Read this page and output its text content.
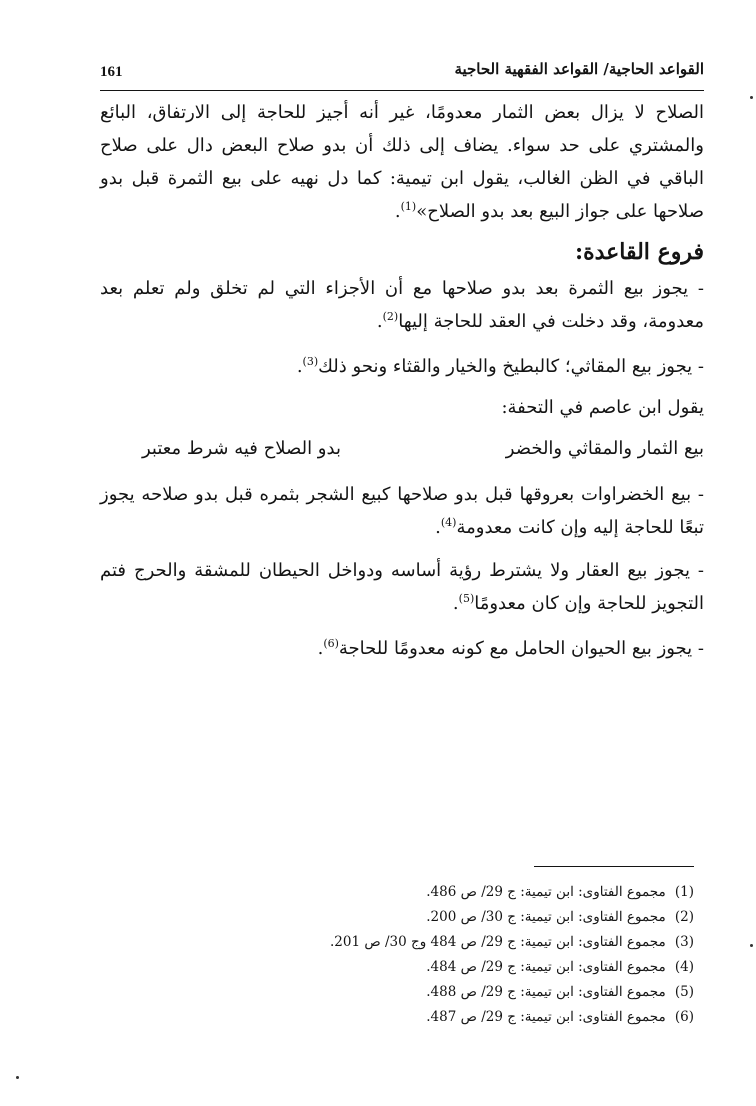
161	القواعد الحاجية/ القواعد الفقهية الحاجية

الصلاح لا يزال بعض الثمار معدومًا، غير أنه أجيز للحاجة إلى الارتفاق، البائع والمشتري على حد سواء. يضاف إلى ذلك أن بدو صلاح البعض دال على صلاح الباقي في الظن الغالب، يقول ابن تيمية: كما دل نهيه على بيع الثمرة قبل بدو صلاحها على جواز البيع بعد بدو الصلاح»$^{(1)}$.

فروع القاعدة:

- يجوز بيع الثمرة بعد بدو صلاحها مع أن الأجزاء التي لم تخلق ولم تعلم بعد معدومة، وقد دخلت في العقد للحاجة إليها$^{(2)}$.

- يجوز بيع المقاثي؛ كالبطيخ والخيار والقثاء ونحو ذلك$^{(3)}$.

يقول ابن عاصم في التحفة:

بيع الثمار والمقاثي والخضر
بدو الصلاح فيه شرط معتبر

- بيع الخضراوات بعروقها قبل بدو صلاحها كبيع الشجر بثمره قبل بدو صلاحه يجوز تبعًا للحاجة إليه وإن كانت معدومة$^{(4)}$.

- يجوز بيع العقار ولا يشترط رؤية أساسه ودواخل الحيطان للمشقة والحرج فتم التجويز للحاجة وإن كان معدومًا$^{(5)}$.

- يجوز بيع الحيوان الحامل مع كونه معدومًا للحاجة$^{(6)}$.

(1) مجموع الفتاوى: ابن تيمية: ج 29/ ص 486.
(2) مجموع الفتاوى: ابن تيمية: ج 30/ ص 200.
(3) مجموع الفتاوى: ابن تيمية: ج 29/ ص 484 وج 30/ ص 201.
(4) مجموع الفتاوى: ابن تيمية: ج 29/ ص 484.
(5) مجموع الفتاوى: ابن تيمية: ج 29/ ص 488.
(6) مجموع الفتاوى: ابن تيمية: ج 29/ ص 487.
